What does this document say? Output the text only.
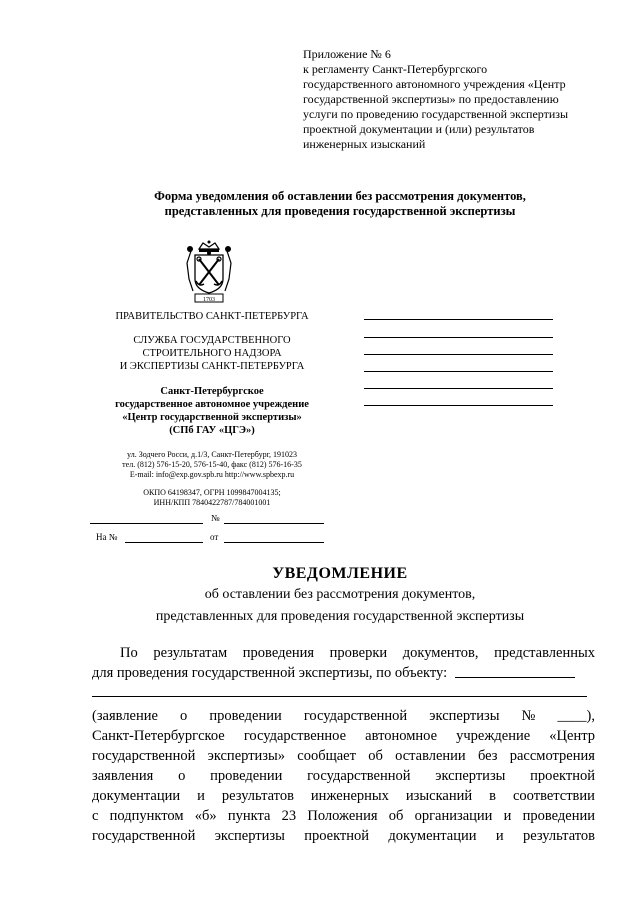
Приложение № 6
к регламенту Санкт-Петербургского
государственного автономного учреждения «Центр
государственной экспертизы» по предоставлению
услуги по проведению государственной экспертизы
проектной документации и (или) результатов
инженерных изысканий
Форма уведомления об оставлении без рассмотрения документов,
представленных для проведения государственной экспертизы
1703
ПРАВИТЕЛЬСТВО САНКТ-ПЕТЕРБУРГА
СЛУЖБА ГОСУДАРСТВЕННОГО
СТРОИТЕЛЬНОГО НАДЗОРА
И ЭКСПЕРТИЗЫ САНКТ-ПЕТЕРБУРГА
Санкт-Петербургское
государственное автономное учреждение
«Центр государственной экспертизы»
(СПб ГАУ «ЦГЭ»)
ул. Зодчего Росси, д.1/3, Санкт-Петербург, 191023
тел. (812) 576-15-20, 576-15-40, факс (812) 576-16-35
E-mail: info@exp.gov.spb.ru http://www.spbexp.ru
ОКПО 64198347, ОГРН 1099847004135;
ИНН/КПП 7840422787/784001001
№
На №	от
УВЕДОМЛЕНИЕ
об оставлении без рассмотрения документов,
представленных для проведения государственной экспертизы
По результатам проведения проверки документов, представленных
для проведения государственной экспертизы, по объекту:
(заявление о проведении государственной экспертизы № ____),
Санкт-Петербургское государственное автономное учреждение «Центр
государственной экспертизы» сообщает об оставлении без рассмотрения
заявления о проведении государственной экспертизы проектной
документации и результатов инженерных изысканий в соответствии
с подпунктом «б» пункта 23 Положения об организации и проведении
государственной экспертизы проектной документации и результатов
